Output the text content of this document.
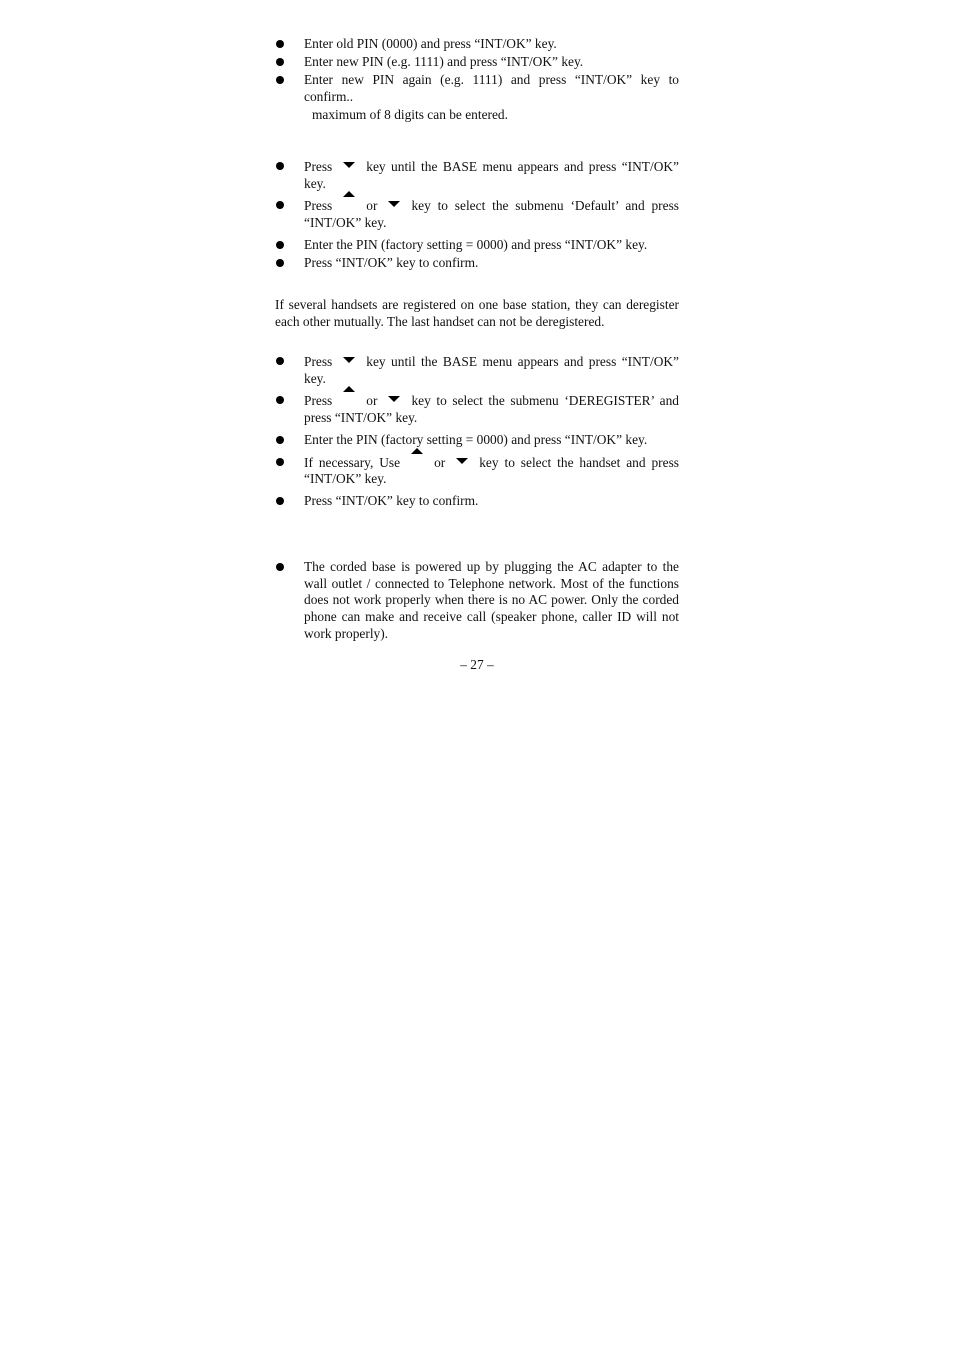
Enter old PIN (0000) and press “INT/OK” key.
Enter new PIN (e.g. 1111) and press “INT/OK” key.
Enter new PIN again (e.g. 1111) and press “INT/OK” key to confirm..

maximum of 8 digits can be entered.

Press	key until the BASE menu appears and press “INT/OK” key.
Press	or	key to select the submenu ‘Default’ and press “INT/OK” key.
Enter the PIN (factory setting = 0000) and press “INT/OK” key.
Press “INT/OK” key to confirm.

If several handsets are registered on one base station, they can deregister each other mutually. The last handset can not be deregistered.

Press	key until the BASE menu appears and press “INT/OK” key.
Press	or	key to select the submenu ‘DEREGISTER’ and press “INT/OK” key.
Enter the PIN (factory setting = 0000) and press “INT/OK” key.
If necessary, Use	or	key to select the handset and press “INT/OK” key.
Press “INT/OK” key to confirm.
The corded base is powered up by plugging the AC adapter to the wall outlet / connected to Telephone network. Most of the functions does not work properly when there is no AC power. Only the corded phone can make and receive call (speaker phone, caller ID will not work properly).
– 27 –
